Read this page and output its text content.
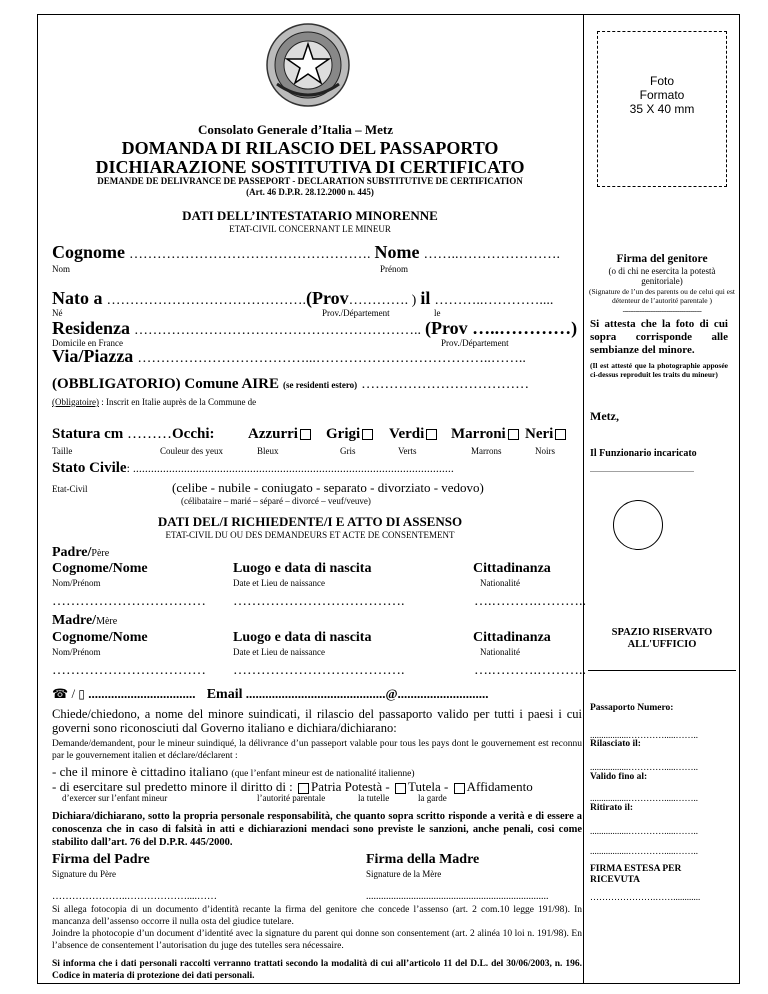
Foto
Formato
35 X 40 mm
Consolato Generale d’Italia – Metz
DOMANDA DI RILASCIO DEL PASSAPORTO
DICHIARAZIONE SOSTITUTIVA DI CERTIFICATO
DEMANDE DE DELIVRANCE DE PASSEPORT - DECLARATION SUBSTITUTIVE DE CERTIFICATION
(Art. 46 D.P.R. 28.12.2000 n. 445)
DATI DELL’INTESTATARIO MINORENNE
ETAT-CIVIL CONCERNANT LE MINEUR
Cognome ……………………………………………. Nome ……..………………….
Nom	Prénom
Nato a …………………………………….(Prov…………. ) il ………..…………....
Né	Prov./Département	le
Residenza …………………………………………………….. (Prov …..…………)
Domicile en France	Prov./Département
Via/Piazza ………………………………...………………………………..……..
(OBBLIGATORIO) Comune AIRE (se residenti estero) ………………………………
(Obligatoire) : Inscrit en Italie auprès de la Commune de
Statura cm ………Occhi: Azzurri	Grigi	Verdi	Marroni	Neri
Taille	Couleur des yeux	Bleux	Gris	Verts	Marrons	Noirs
Stato Civile: ...........................................................................................................
Etat-Civil	(celibe - nubile - coniugato - separato - divorziato - vedovo)
(célibataire – marié – séparé – divorcé – veuf/veuve)
DATI DEL/I RICHIEDENTE/I E ATTO DI ASSENSO
ETAT-CIVIL DU OU DES DEMANDEURS ET ACTE DE CONSENTEMENT
Padre/Père
Cognome/Nome	Luogo e data di nascita	Cittadinanza
Nom/Prénom	Date et Lieu de naissance	Nationalité
…………………………… ……………………………….	….……….………..
Madre/Mère
Cognome/Nome	Luogo e data di nascita	Cittadinanza
Nom/Prénom	Date et Lieu de naissance	Nationalité
…………………………… ……………………………….	….……….………..
☎ / ▯ ................................. Email ...........................................@............................
Chiede/chiedono, a nome del minore suindicati, il rilascio del passaporto valido per tutti i paesi i cui governi sono riconosciuti dal Governo italiano e dichiara/dichiarano:
Demande/demandent, pour le mineur suindiqué, la délivrance d’un passeport valable pour tous les pays dont le gouvernement est reconnu par le gouvernement italien et déclare/déclarent :
- che il minore è cittadino italiano (que l’enfant mineur est de nationalité italienne)
- di esercitare sul predetto minore il diritto di : Patria Potestà - Tutela - Affidamento
d’exercer sur l’enfant mineur	l’autorité parentale	la tutelle	la garde
Dichiara/dichiarano, sotto la propria personale responsabilità, che quanto sopra scritto risponde a verità e di essere a conoscenza che in caso di falsità in atti e dichiarazioni mendaci sono previste le sanzioni, anche penali, cosi come stabilito dall’art. 76 del D.P.R. 445/2000.
Firma del Padre	Firma della Madre
Signature du Père	Signature de la Mère
…………………..………………....……	.........................................................................
Si allega fotocopia di un documento d’identità recante la firma del genitore che concede l’assenso (art. 2 com.10 legge 191/98). In mancanza dell’assenso occorre il nulla osta del giudice tutelare.
Joindre la photocopie d’un document d’identité avec la signature du parent qui donne son consentement (art. 2 alinéa 10 loi n. 191/98). En l’absence de consentement l’autorisation du juge des tutelles sera nécessaire.
Si informa che i dati personali raccolti verranno trattati secondo la modalità di cui all’articolo 11 del D.L. del 30/06/2003, n. 196. Codice in materia di protezione dei dati personali.
Firma del genitore
(o di chi ne esercita la potestà genitoriale)
(Signature de l’un des parents ou de celui qui est détenteur de l’autorité parentale )
-------------------------------------------
Si attesta che la foto di cui sopra corrisponde alle sembianze del minore.
(Il est attesté que la photographie apposée ci-dessus reproduit les traits du mineur)
Metz,
Il Funzionario incaricato
....................................................
SPAZIO RISERVATO ALL'UFFICIO
Passaporto Numero:
.................………….....……..
Rilasciato il:
.................………….....……..
Valido fino al:
.................………….....……..
Ritirato il:
.................………….....……..
.................………….....……..
FIRMA ESTESA PER RICEVUTA
………………….……............
